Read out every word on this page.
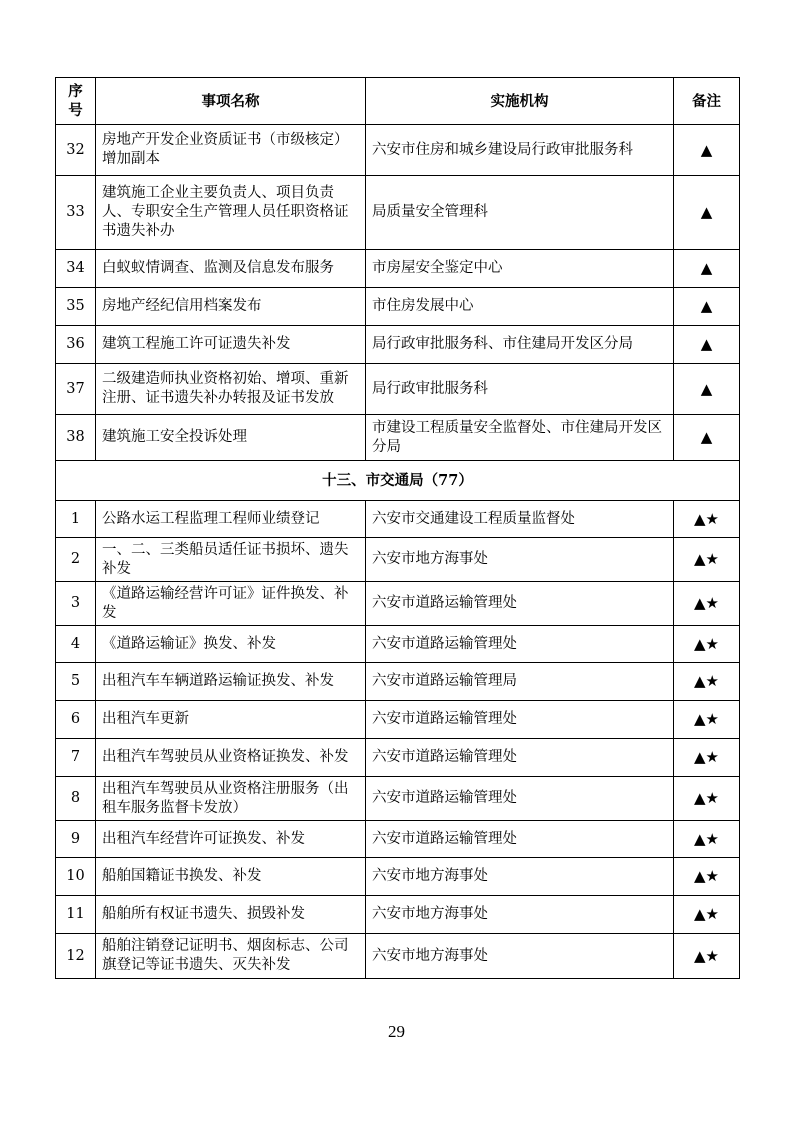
序号	事项名称	实施机构	备注
32	房地产开发企业资质证书（市级核定）增加副本	六安市住房和城乡建设局行政审批服务科	▲
33	建筑施工企业主要负责人、项目负责人、专职安全生产管理人员任职资格证书遗失补办	局质量安全管理科	▲
34	白蚁蚁情调查、监测及信息发布服务	市房屋安全鉴定中心	▲
35	房地产经纪信用档案发布	市住房发展中心	▲
36	建筑工程施工许可证遗失补发	局行政审批服务科、市住建局开发区分局	▲
37	二级建造师执业资格初始、增项、重新注册、证书遗失补办转报及证书发放	局行政审批服务科	▲
38	建筑施工安全投诉处理	市建设工程质量安全监督处、市住建局开发区分局	▲
十三、市交通局（77）			
1	公路水运工程监理工程师业绩登记	六安市交通建设工程质量监督处	▲★
2	一、二、三类船员适任证书损坏、遗失补发	六安市地方海事处	▲★
3	《道路运输经营许可证》证件换发、补发	六安市道路运输管理处	▲★
4	《道路运输证》换发、补发	六安市道路运输管理处	▲★
5	出租汽车车辆道路运输证换发、补发	六安市道路运输管理局	▲★
6	出租汽车更新	六安市道路运输管理处	▲★
7	出租汽车驾驶员从业资格证换发、补发	六安市道路运输管理处	▲★
8	出租汽车驾驶员从业资格注册服务（出租车服务监督卡发放）	六安市道路运输管理处	▲★
9	出租汽车经营许可证换发、补发	六安市道路运输管理处	▲★
10	船舶国籍证书换发、补发	六安市地方海事处	▲★
11	船舶所有权证书遗失、损毁补发	六安市地方海事处	▲★
12	船舶注销登记证明书、烟囱标志、公司旗登记等证书遗失、灭失补发	六安市地方海事处	▲★
29
